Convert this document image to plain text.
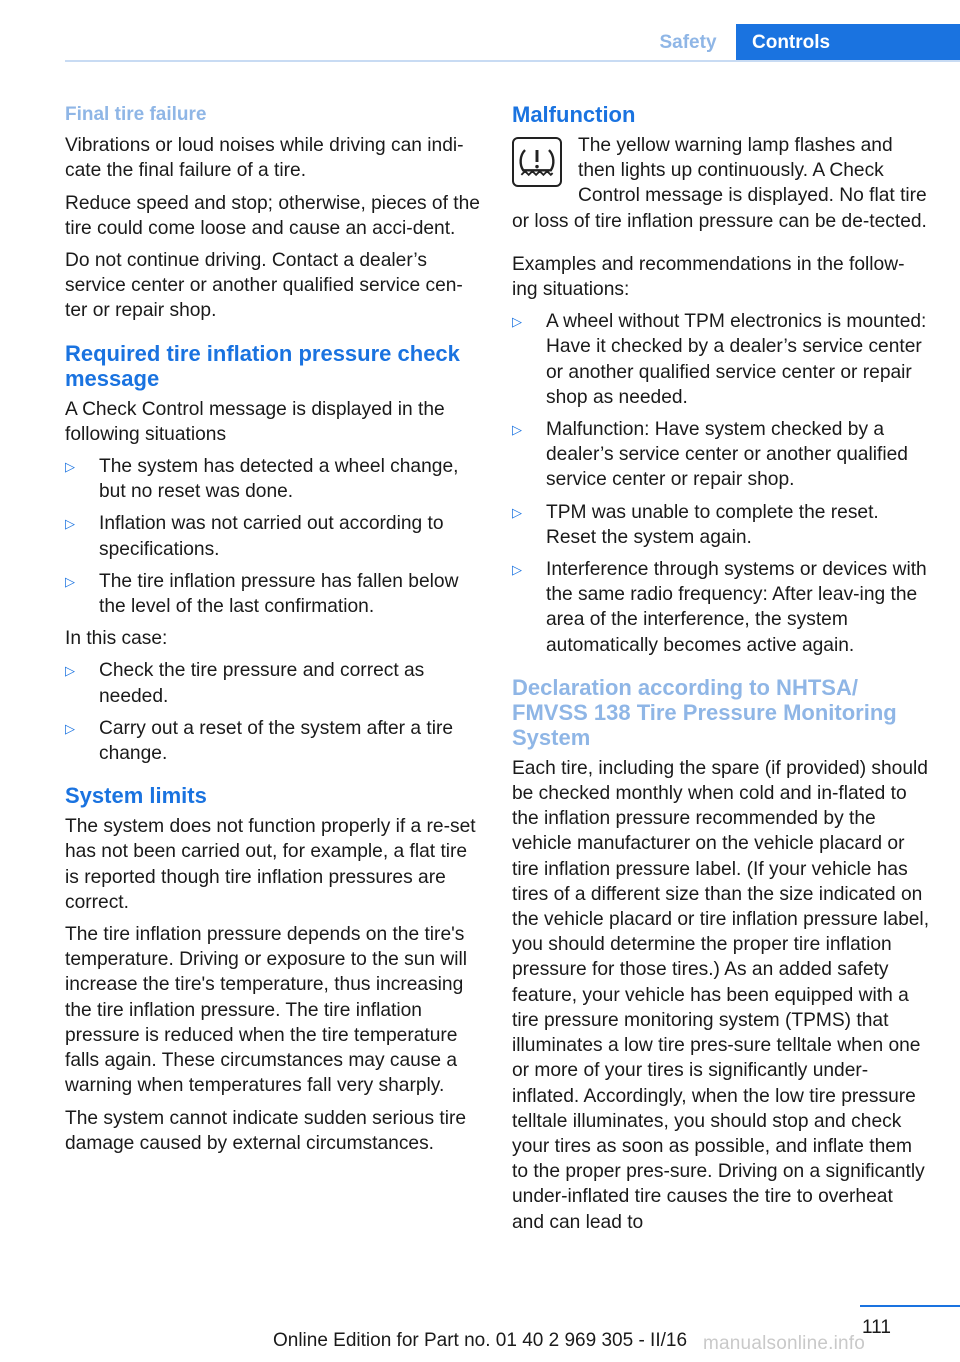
Safety	Controls
Final tire failure

Vibrations or loud noises while driving can indi-cate the final failure of a tire.

Reduce speed and stop; otherwise, pieces of the tire could come loose and cause an acci-dent.

Do not continue driving. Contact a dealer’s service center or another qualified service cen-ter or repair shop.

Required tire inflation pressure check message

A Check Control message is displayed in the following situations

▷ The system has detected a wheel change, but no reset was done.
▷ Inflation was not carried out according to specifications.
▷ The tire inflation pressure has fallen below the level of the last confirmation.

In this case:

▷ Check the tire pressure and correct as needed.
▷ Carry out a reset of the system after a tire change.
System limits

The system does not function properly if a re-set has not been carried out, for example, a flat tire is reported though tire inflation pressures are correct.

The tire inflation pressure depends on the tire's temperature. Driving or exposure to the sun will increase the tire's temperature, thus increasing the tire inflation pressure. The tire inflation pressure is reduced when the tire temperature falls again. These circumstances may cause a warning when temperatures fall very sharply.

The system cannot indicate sudden serious tire damage caused by external circumstances.

Malfunction

The yellow warning lamp flashes and then lights up continuously. A Check Control message is displayed. No flat tire or loss of tire inflation pressure can be de-tected.

Examples and recommendations in the follow-ing situations:

▷ A wheel without TPM electronics is mounted: Have it checked by a dealer’s service center or another qualified service center or repair shop as needed.
▷ Malfunction: Have system checked by a dealer’s service center or another qualified service center or repair shop.
▷ TPM was unable to complete the reset. Reset the system again.
▷ Interference through systems or devices with the same radio frequency: After leav-ing the area of the interference, the system automatically becomes active again.
Declaration according to NHTSA/ FMVSS 138 Tire Pressure Monitoring System

Each tire, including the spare (if provided) should be checked monthly when cold and in-flated to the inflation pressure recommended by the vehicle manufacturer on the vehicle placard or tire inflation pressure label. (If your vehicle has tires of a different size than the size indicated on the vehicle placard or tire inflation pressure label, you should determine the proper tire inflation pressure for those tires.) As an added safety feature, your vehicle has been equipped with a tire pressure monitoring system (TPMS) that illuminates a low tire pres-sure telltale when one or more of your tires is significantly under-inflated. Accordingly, when the low tire pressure telltale illuminates, you should stop and check your tires as soon as possible, and inflate them to the proper pres-sure. Driving on a significantly under-inflated tire causes the tire to overheat and can lead to

111
Online Edition for Part no. 01 40 2 969 305 - II/16 manualsonline.info
